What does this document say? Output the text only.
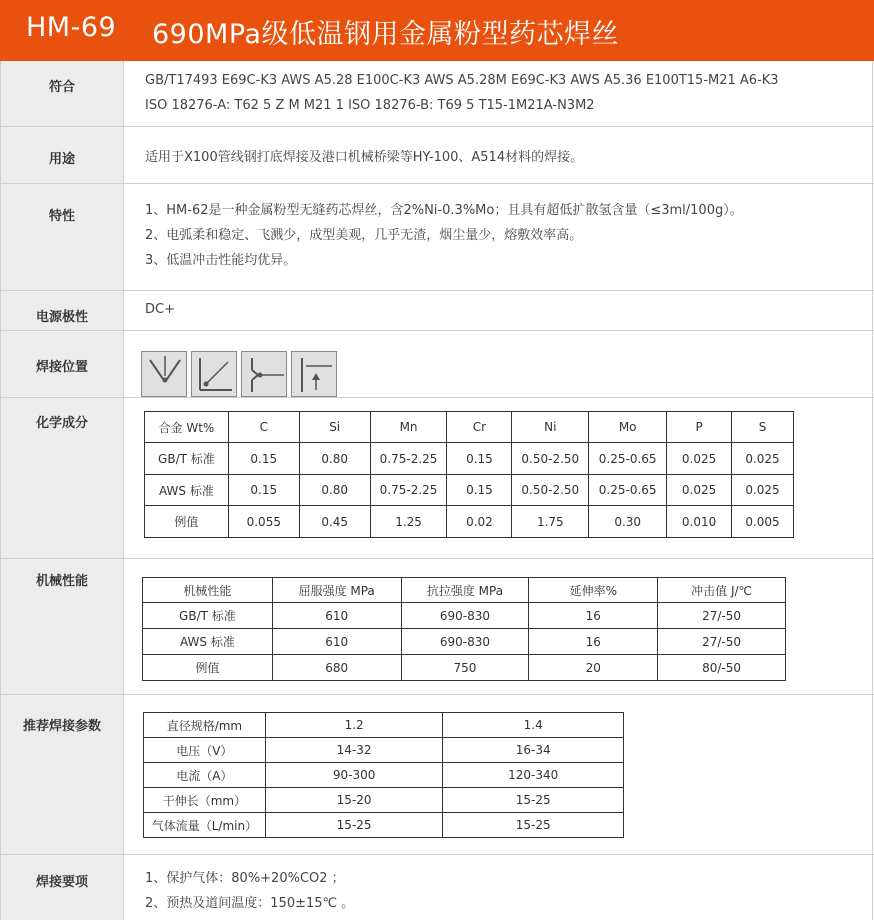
HM-69 690MPa级低温钢用金属粉型药芯焊丝
符合	GB/T17493 E69C-K3 AWS A5.28 E100C-K3 AWS A5.28M E69C-K3 AWS A5.36 E100T15-M21 A6-K3
ISO 18276-A: T62 5 Z M M21 1 ISO 18276-B: T69 5 T15-1M21A-N3M2
用途	适用于X100管线钢打底焊接及港口机械桥梁等HY-100、A514材料的焊接。
特性	1、HM-62是一种金属粉型无缝药芯焊丝，含2%Ni-0.3%Mo；且具有超低扩散氢含量（≤3ml/100g）。
2、电弧柔和稳定、飞溅少，成型美观，几乎无渣，烟尘量少，熔敷效率高。
3、低温冲击性能均优异。
电源极性
DC+
焊接位置
化学成分	合金 Wt%	C	Si	Mn	Cr	Ni	Mo	P	S
GB/T 标准	0.15	0.80	0.75-2.25	0.15	0.50-2.50	0.25-0.65	0.025	0.025
AWS 标准	0.15	0.80	0.75-2.25	0.15	0.50-2.50	0.25-0.65	0.025	0.025
例值	0.055	0.45	1.25	0.02	1.75	0.30	0.010	0.005
机械性能
机械性能	屈服强度 MPa	抗拉强度 MPa	延伸率%	冲击值 J/℃
GB/T 标准	610	690-830	16	27/-50
AWS 标准	610	690-830	16	27/-50
例值	680	750	20	80/-50
推荐焊接参数	直径规格/mm	1.2	1.4
电压（V）	14-32	16-34
电流（A）	90-300	120-340
干伸长（mm）	15-20	15-25
气体流量（L/min）	15-25	15-25
焊接要项	1、保护气体：80%+20%CO2 ；
2、预热及道间温度：150±15℃ 。
